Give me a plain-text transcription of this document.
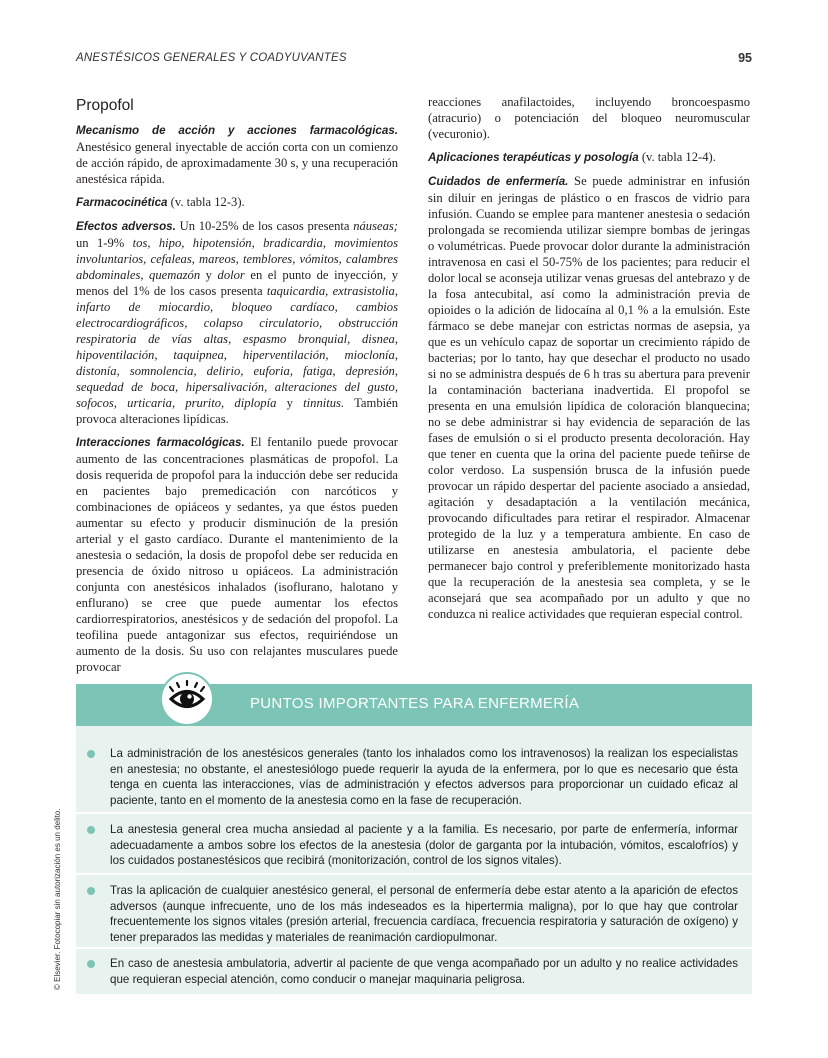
ANESTÉSICOS GENERALES Y COADYUVANTES	95
Propofol

Mecanismo de acción y acciones farmacológicas. Anestésico general inyectable de acción corta con un comienzo de acción rápido, de aproximadamente 30 s, y una recuperación anestésica rápida.

Farmacocinética (v. tabla 12-3).

Efectos adversos. Un 10-25% de los casos presenta náuseas; un 1-9% tos, hipo, hipotensión, bradicardia, movimientos involuntarios, cefaleas, mareos, temblores, vómitos, calambres abdominales, quemazón y dolor en el punto de inyección, y menos del 1% de los casos presenta taquicardia, extrasistolia, infarto de miocardio, bloqueo cardíaco, cambios electrocardiográficos, colapso circulatorio, obstrucción respiratoria de vías altas, espasmo bronquial, disnea, hipoventilación, taquipnea, hiperventilación, mioclonía, distonía, somnolencia, delirio, euforia, fatiga, depresión, sequedad de boca, hipersalivación, alteraciones del gusto, sofocos, urticaria, prurito, diplopía y tinnitus. También provoca alteraciones lipídicas.

Interacciones farmacológicas. El fentanilo puede provocar aumento de las concentraciones plasmáticas de propofol. La dosis requerida de propofol para la inducción debe ser reducida en pacientes bajo premedicación con narcóticos y combinaciones de opiáceos y sedantes, ya que éstos pueden aumentar su efecto y producir disminución de la presión arterial y el gasto cardíaco. Durante el mantenimiento de la anestesia o sedación, la dosis de propofol debe ser reducida en presencia de óxido nitroso u opiáceos. La administración conjunta con anestésicos inhalados (isoflurano, halotano y enflurano) se cree que puede aumentar los efectos cardiorrespiratorios, anestésicos y de sedación del propofol. La teofilina puede antagonizar sus efectos, requiriéndose un aumento de la dosis. Su uso con relajantes musculares puede provocar

reacciones anafilactoides, incluyendo broncoespasmo (atracurio) o potenciación del bloqueo neuromuscular (vecuronio).

Aplicaciones terapéuticas y posología (v. tabla 12-4).

Cuidados de enfermería. Se puede administrar en infusión sin diluir en jeringas de plástico o en frascos de vidrio para infusión. Cuando se emplee para mantener anestesia o sedación prolongada se recomienda utilizar siempre bombas de jeringas o volumétricas. Puede provocar dolor durante la administración intravenosa en casi el 50-75% de los pacientes; para reducir el dolor local se aconseja utilizar venas gruesas del antebrazo y de la fosa antecubital, así como la administración previa de opioides o la adición de lidocaína al 0,1 % a la emulsión. Este fármaco se debe manejar con estrictas normas de asepsia, ya que es un vehículo capaz de soportar un crecimiento rápido de bacterias; por lo tanto, hay que desechar el producto no usado si no se administra después de 6 h tras su abertura para prevenir la contaminación bacteriana inadvertida. El propofol se presenta en una emulsión lipídica de coloración blanquecina; no se debe administrar si hay evidencia de separación de las fases de emulsión o si el producto presenta decoloración. Hay que tener en cuenta que la orina del paciente puede teñirse de color verdoso. La suspensión brusca de la infusión puede provocar un rápido despertar del paciente asociado a ansiedad, agitación y desadaptación a la ventilación mecánica, provocando dificultades para retirar el respirador. Almacenar protegido de la luz y a temperatura ambiente. En caso de utilizarse en anestesia ambulatoria, el paciente debe permanecer bajo control y preferiblemente monitorizado hasta que la recuperación de la anestesia sea completa, y se le aconsejará que sea acompañado por un adulto y que no conduzca ni realice actividades que requieran especial control.

PUNTOS IMPORTANTES PARA ENFERMERÍA
La administración de los anestésicos generales (tanto los inhalados como los intravenosos) la realizan los especialistas en anestesia; no obstante, el anestesiólogo puede requerir la ayuda de la enfermera, por lo que es necesario que ésta tenga en cuenta las interacciones, vías de administración y efectos adversos para proporcionar un cuidado eficaz al paciente, tanto en el momento de la anestesia como en la fase de recuperación.
La anestesia general crea mucha ansiedad al paciente y a la familia. Es necesario, por parte de enfermería, informar adecuadamente a ambos sobre los efectos de la anestesia (dolor de garganta por la intubación, vómitos, escalofríos) y los cuidados postanestésicos que recibirá (monitorización, control de los signos vitales).
Tras la aplicación de cualquier anestésico general, el personal de enfermería debe estar atento a la aparición de efectos adversos (aunque infrecuente, uno de los más indeseados es la hipertermia maligna), por lo que hay que controlar frecuentemente los signos vitales (presión arterial, frecuencia cardíaca, frecuencia respiratoria y saturación de oxígeno) y tener preparados las medidas y materiales de reanimación cardiopulmonar.
En caso de anestesia ambulatoria, advertir al paciente de que venga acompañado por un adulto y no realice actividades que requieran especial atención, como conducir o manejar maquinaria peligrosa.
© Elsevier. Fotocopiar sin autorización es un delito.
